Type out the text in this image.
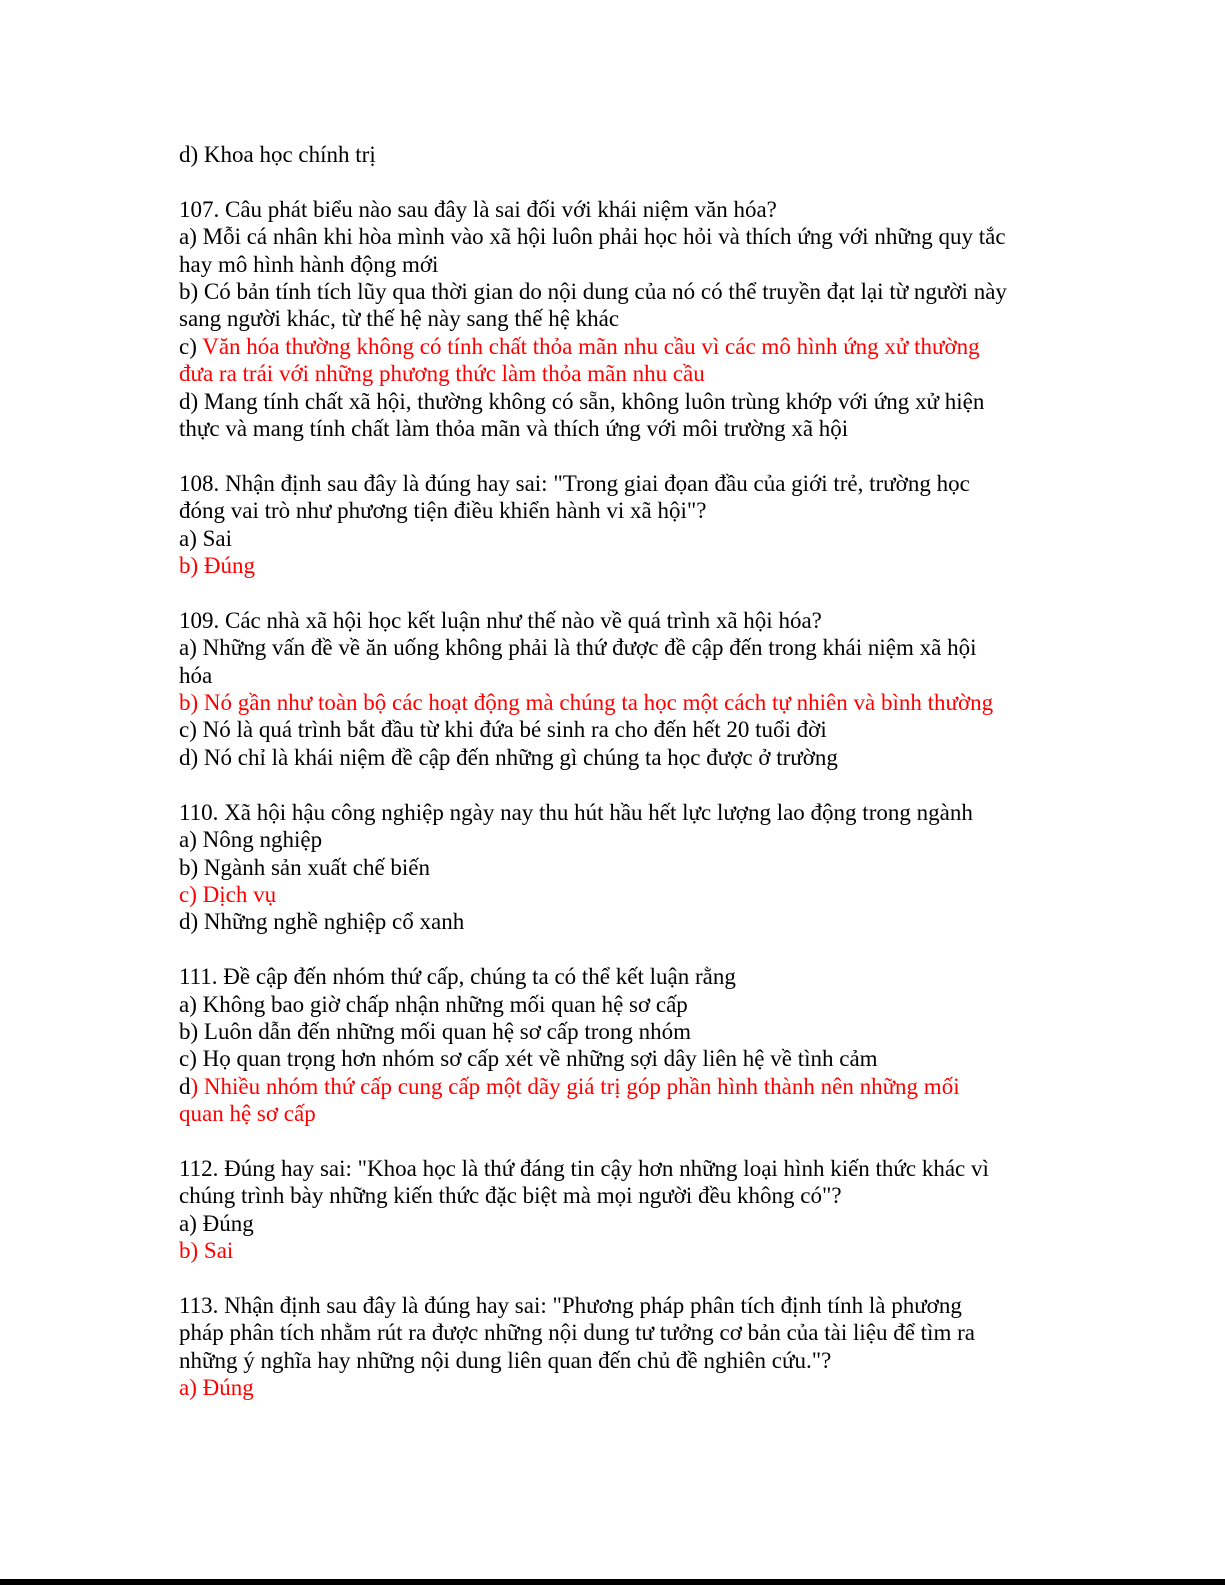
d) Khoa học chính trị

107. Câu phát biểu nào sau đây là sai đối với khái niệm văn hóa?

a) Mỗi cá nhân khi hòa mình vào xã hội luôn phải học hỏi và thích ứng với những quy tắc

hay mô hình hành động mới

b) Có bản tính tích lũy qua thời gian do nội dung của nó có thể truyền đạt lại từ người này

sang người khác, từ thế hệ này sang thế hệ khác

c) Văn hóa thường không có tính chất thỏa mãn nhu cầu vì các mô hình ứng xử thường

đưa ra trái với những phương thức làm thỏa mãn nhu cầu

d) Mang tính chất xã hội, thường không có sẵn, không luôn trùng khớp với ứng xử hiện

thực và mang tính chất làm thỏa mãn và thích ứng với môi trường xã hội

108. Nhận định sau đây là đúng hay sai: "Trong giai đọan đầu của giới trẻ, trường học

đóng vai trò như phương tiện điều khiển hành vi xã hội"?

a) Sai

b) Đúng

109. Các nhà xã hội học kết luận như thế nào về quá trình xã hội hóa?

a) Những vấn đề về ăn uống không phải là thứ được đề cập đến trong khái niệm xã hội

hóa

b) Nó gần như toàn bộ các hoạt động mà chúng ta học một cách tự nhiên và bình thường

c) Nó là quá trình bắt đầu từ khi đứa bé sinh ra cho đến hết 20 tuổi đời

d) Nó chỉ là khái niệm đề cập đến những gì chúng ta học được ở trường

110. Xã hội hậu công nghiệp ngày nay thu hút hầu hết lực lượng lao động trong ngành

a) Nông nghiệp

b) Ngành sản xuất chế biến

c) Dịch vụ

d) Những nghề nghiệp cổ xanh

111. Đề cập đến nhóm thứ cấp, chúng ta có thể kết luận rằng

a) Không bao giờ chấp nhận những mối quan hệ sơ cấp

b) Luôn dẫn đến những mối quan hệ sơ cấp trong nhóm

c) Họ quan trọng hơn nhóm sơ cấp xét về những sợi dây liên hệ về tình cảm

d) Nhiều nhóm thứ cấp cung cấp một dãy giá trị góp phần hình thành nên những mối

quan hệ sơ cấp

112. Đúng hay sai: "Khoa học là thứ đáng tin cậy hơn những loại hình kiến thức khác vì

chúng trình bày những kiến thức đặc biệt mà mọi người đều không có"?

a) Đúng

b) Sai

113. Nhận định sau đây là đúng hay sai: "Phương pháp phân tích định tính là phương

pháp phân tích nhằm rút ra được những nội dung tư tưởng cơ bản của tài liệu để tìm ra

những ý nghĩa hay những nội dung liên quan đến chủ đề nghiên cứu."?

a) Đúng
